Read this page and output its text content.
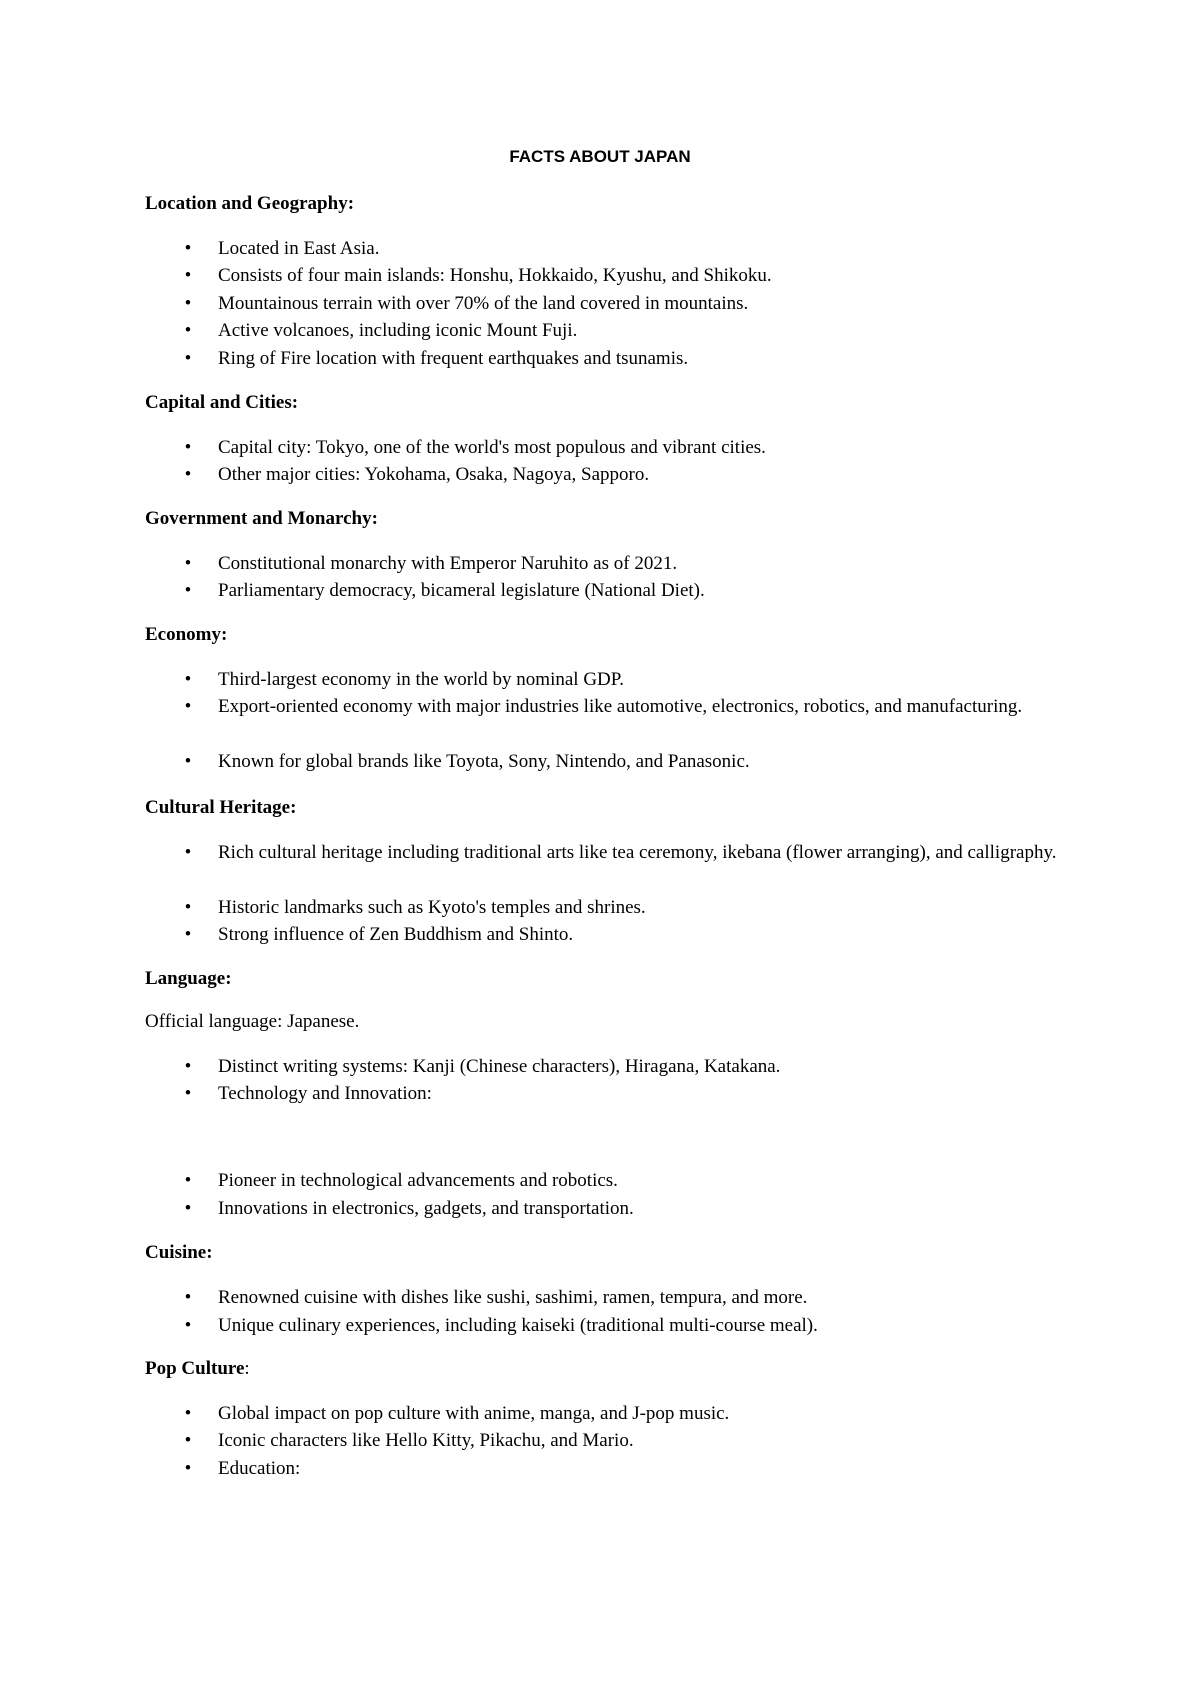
FACTS ABOUT JAPAN
Location and Geography:
• Located in East Asia.
• Consists of four main islands: Honshu, Hokkaido, Kyushu, and Shikoku.
• Mountainous terrain with over 70% of the land covered in mountains.
• Active volcanoes, including iconic Mount Fuji.
• Ring of Fire location with frequent earthquakes and tsunamis.
Capital and Cities:
• Capital city: Tokyo, one of the world's most populous and vibrant cities.
• Other major cities: Yokohama, Osaka, Nagoya, Sapporo.
Government and Monarchy:
• Constitutional monarchy with Emperor Naruhito as of 2021.
• Parliamentary democracy, bicameral legislature (National Diet).
Economy:
• Third-largest economy in the world by nominal GDP.
• Export-oriented economy with major industries like automotive, electronics, robotics, and manufacturing.
• Known for global brands like Toyota, Sony, Nintendo, and Panasonic.
Cultural Heritage:
• Rich cultural heritage including traditional arts like tea ceremony, ikebana (flower arranging), and calligraphy.
• Historic landmarks such as Kyoto's temples and shrines.
• Strong influence of Zen Buddhism and Shinto.
Language:
Official language: Japanese.
• Distinct writing systems: Kanji (Chinese characters), Hiragana, Katakana.
• Technology and Innovation:
• Pioneer in technological advancements and robotics.
• Innovations in electronics, gadgets, and transportation.
Cuisine:
• Renowned cuisine with dishes like sushi, sashimi, ramen, tempura, and more.
• Unique culinary experiences, including kaiseki (traditional multi-course meal).
Pop Culture:
• Global impact on pop culture with anime, manga, and J-pop music.
• Iconic characters like Hello Kitty, Pikachu, and Mario.
• Education:
